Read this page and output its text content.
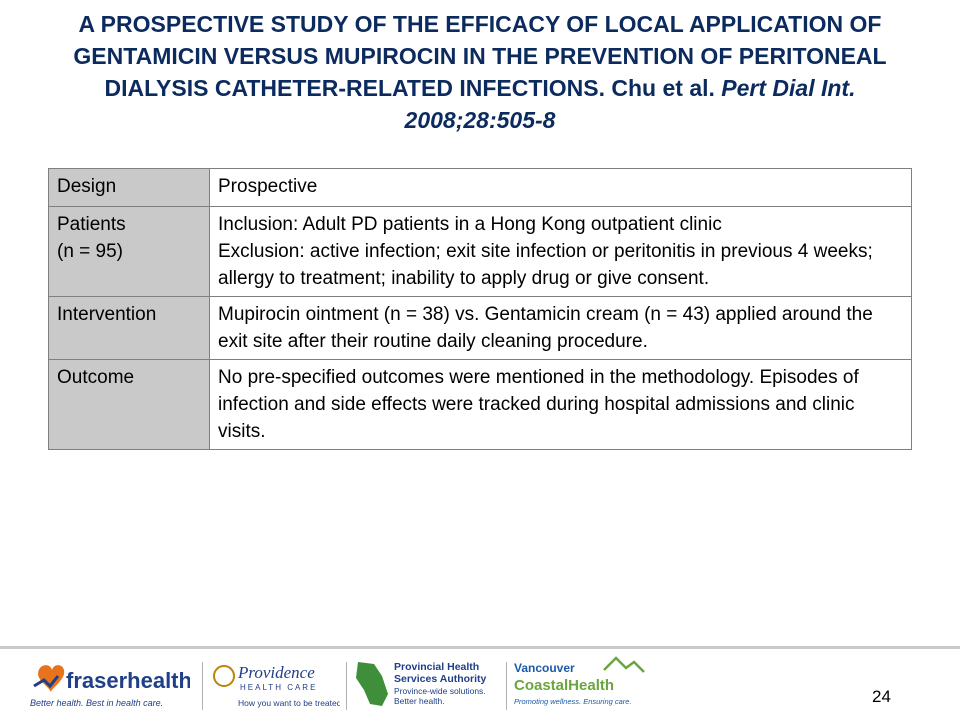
A PROSPECTIVE STUDY OF THE EFFICACY OF LOCAL APPLICATION OF GENTAMICIN VERSUS MUPIROCIN IN THE PREVENTION OF PERITONEAL DIALYSIS CATHETER-RELATED INFECTIONS. Chu et al. Pert Dial Int. 2008;28:505-8
Design	Prospective

Patients
(n = 95)	Inclusion: Adult PD patients in a Hong Kong outpatient clinic
Exclusion: active infection; exit site infection or peritonitis in previous 4 weeks; allergy to treatment; inability to apply drug or give consent.

Intervention	Mupirocin ointment (n = 38) vs. Gentamicin cream (n = 43) applied around the exit site after their routine daily cleaning procedure.

Outcome	No pre-specified outcomes were mentioned in the methodology. Episodes of infection and side effects were tracked during hospital admissions and clinic visits.
fraserhealth
Better health. Best in health care.
Providence
HEALTH CARE
How you want to be treated.
Provincial Health
Services Authority
Province-wide solutions.
Better health.
Vancouver
CoastalHealth
Promoting wellness. Ensuring care.	24
